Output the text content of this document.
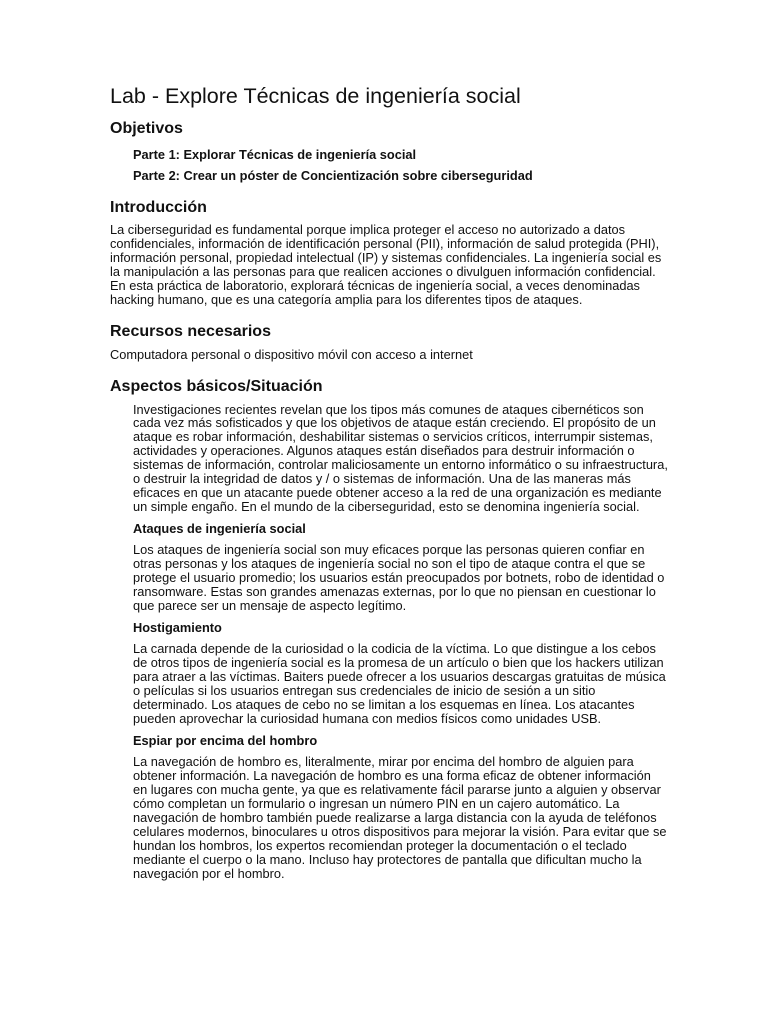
Lab - Explore Técnicas de ingeniería social
Objetivos

Parte 1: Explorar Técnicas de ingeniería social

Parte 2: Crear un póster de Concientización sobre ciberseguridad

Introducción

La ciberseguridad es fundamental porque implica proteger el acceso no autorizado a datos confidenciales, información de identificación personal (PII), información de salud protegida (PHI), información personal, propiedad intelectual (IP) y sistemas confidenciales. La ingeniería social es la manipulación a las personas para que realicen acciones o divulguen información confidencial. En esta práctica de laboratorio, explorará técnicas de ingeniería social, a veces denominadas hacking humano, que es una categoría amplia para los diferentes tipos de ataques.

Recursos necesarios

Computadora personal o dispositivo móvil con acceso a internet

Aspectos básicos/Situación

Investigaciones recientes revelan que los tipos más comunes de ataques cibernéticos son cada vez más sofisticados y que los objetivos de ataque están creciendo. El propósito de un ataque es robar información, deshabilitar sistemas o servicios críticos, interrumpir sistemas, actividades y operaciones. Algunos ataques están diseñados para destruir información o sistemas de información, controlar maliciosamente un entorno informático o su infraestructura, o destruir la integridad de datos y / o sistemas de información. Una de las maneras más eficaces en que un atacante puede obtener acceso a la red de una organización es mediante un simple engaño. En el mundo de la ciberseguridad, esto se denomina ingeniería social.

Ataques de ingeniería social

Los ataques de ingeniería social son muy eficaces porque las personas quieren confiar en otras personas y los ataques de ingeniería social no son el tipo de ataque contra el que se protege el usuario promedio; los usuarios están preocupados por botnets, robo de identidad o ransomware. Estas son grandes amenazas externas, por lo que no piensan en cuestionar lo que parece ser un mensaje de aspecto legítimo.

Hostigamiento

La carnada depende de la curiosidad o la codicia de la víctima. Lo que distingue a los cebos de otros tipos de ingeniería social es la promesa de un artículo o bien que los hackers utilizan para atraer a las víctimas. Baiters puede ofrecer a los usuarios descargas gratuitas de música o películas si los usuarios entregan sus credenciales de inicio de sesión a un sitio determinado. Los ataques de cebo no se limitan a los esquemas en línea. Los atacantes pueden aprovechar la curiosidad humana con medios físicos como unidades USB.

Espiar por encima del hombro

La navegación de hombro es, literalmente, mirar por encima del hombro de alguien para obtener información. La navegación de hombro es una forma eficaz de obtener información en lugares con mucha gente, ya que es relativamente fácil pararse junto a alguien y observar cómo completan un formulario o ingresan un número PIN en un cajero automático. La navegación de hombro también puede realizarse a larga distancia con la ayuda de teléfonos celulares modernos, binoculares u otros dispositivos para mejorar la visión. Para evitar que se hundan los hombros, los expertos recomiendan proteger la documentación o el teclado mediante el cuerpo o la mano. Incluso hay protectores de pantalla que dificultan mucho la navegación por el hombro.
